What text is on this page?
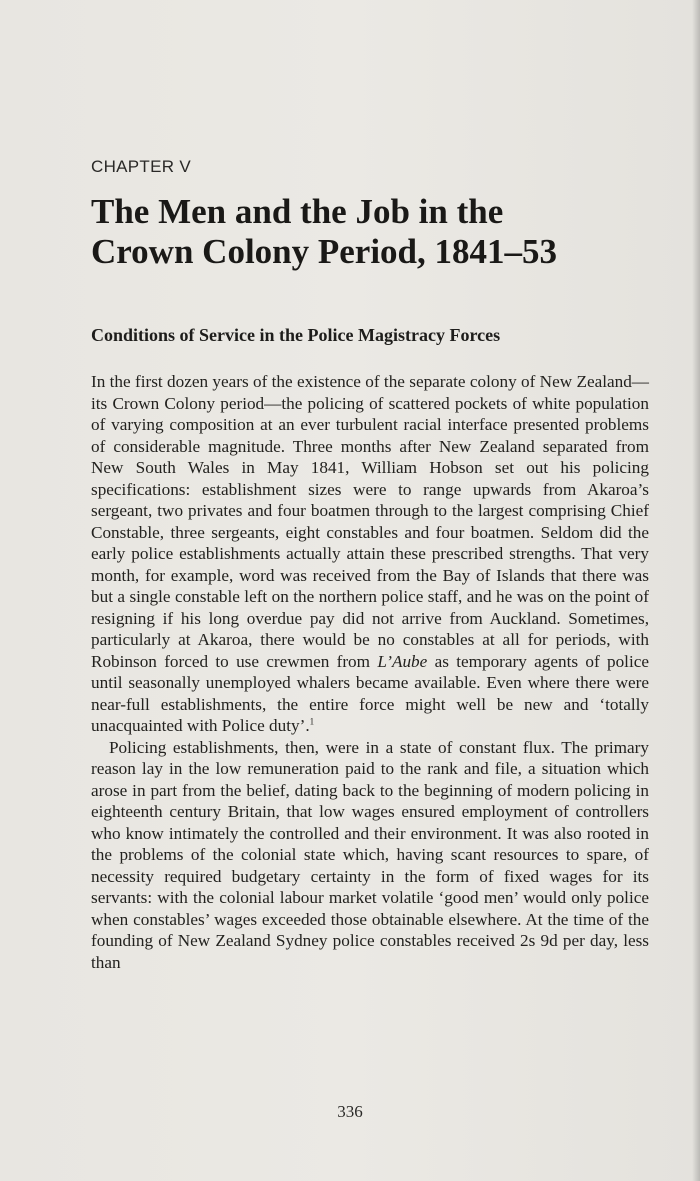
CHAPTER V
The Men and the Job in the
Crown Colony Period, 1841–53
Conditions of Service in the Police Magistracy Forces

In the first dozen years of the existence of the separate colony of New Zealand—its Crown Colony period—the policing of scattered pockets of white population of varying composition at an ever turbulent racial interface presented problems of considerable magnitude. Three months after New Zealand separated from New South Wales in May 1841, William Hobson set out his policing specifications: establishment sizes were to range upwards from Akaroa’s sergeant, two privates and four boatmen through to the largest comprising Chief Constable, three sergeants, eight constables and four boatmen. Seldom did the early police establishments actually attain these prescribed strengths. That very month, for example, word was received from the Bay of Islands that there was but a single constable left on the northern police staff, and he was on the point of resigning if his long overdue pay did not arrive from Auckland. Sometimes, particularly at Akaroa, there would be no constables at all for periods, with Robinson forced to use crewmen from L’Aube as temporary agents of police until seasonally unemployed whalers became available. Even where there were near-full establishments, the entire force might well be new and ‘totally unacquainted with Police duty’.$^1$

Policing establishments, then, were in a state of constant flux. The primary reason lay in the low remuneration paid to the rank and file, a situation which arose in part from the belief, dating back to the beginning of modern policing in eighteenth century Britain, that low wages ensured employment of controllers who know intimately the controlled and their environment. It was also rooted in the problems of the colonial state which, having scant resources to spare, of necessity required budgetary certainty in the form of fixed wages for its servants: with the colonial labour market volatile ‘good men’ would only police when constables’ wages exceeded those obtainable elsewhere. At the time of the founding of New Zealand Sydney police constables received 2s 9d per day, less than

336
